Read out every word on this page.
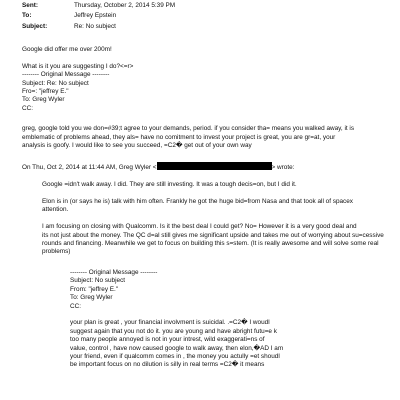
Sent:	Thursday, October 2, 2014 5:39 PM
To:	Jeffrey Epstein
Subject:	Re: No subject
Google did offer me over 200m!
What is it you are suggesting I do?<=r>
-------- Original Message --------
Subject: Re: No subject
Fro=: "jeffrey E."
To: Greg Wyler
CC:
greg, google told you we don=#39;t agree to your demands, period. if you consider tha= means you walked away, it is
emblematic of problems ahead, they als= have no comitment to invest your project is great, you are gr=at, your
analysis is goofy. I would like to see you succeed, =C2� get out of your own way
On Thu, Oct 2, 2014 at 11:44 AM, Greg Wyler <	> wrote:
Google =idn't walk away. I did. They are still investing. It was a tough decis=on, but I did it.
Elon is in (or says he is) talk with him often. Frankly he got the huge bid=from Nasa and that took all of spacex
attention.
I am focusing on closing with Qualcomm. Is it the best deal I could get? No= However it is a very good deal and
its not just about the money. The QC d=al still gives me significant upside and takes me out of worrying about su=cessive
rounds and financing. Meanwhile we get to focus on building this s=stem. (It is really awesome and will solve some real
problems)
-------- Original Message --------
Subject: No subject
From: "jeffrey E."
To: Greg Wyler
CC:
your plan is great , your financial involvment is suicidal. .=C2� I woudl
suggest again that you not do it. you are young and have abright futu=e k
too many people annoyed is not in your intrest, wild exaggerati=ns of
value, control , have now caused google to walk away, then elon,�AD I am
your friend, even if qualcomm comes in , the money you actully =et shoudl
be important focus on no dilution is silly in real terms =C2� it means
